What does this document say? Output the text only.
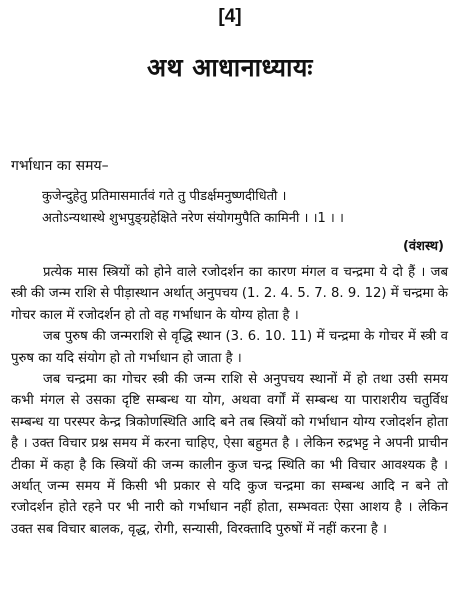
[4]
अथ आधानाध्यायः
गर्भाधान का समय–
कुजेन्दुहेतु प्रतिमासमार्तवं गते तु पीडर्क्षमनुष्णदीधितौ ।
अतोऽन्यथास्थे शुभपुङ्ग्रहेक्षिते नरेण संयोगमुपैति कामिनी । ।1 । ।
(वंशस्थ)

प्रत्येक मास स्त्रियों को होने वाले रजोदर्शन का कारण मंगल व चन्द्रमा ये दो हैं । जब स्त्री की जन्म राशि से पीड़ास्थान अर्थात् अनुपचय (1. 2. 4. 5. 7. 8. 9. 12) में चन्द्रमा के गोचर काल में रजोदर्शन हो तो वह गर्भाधान के योग्य होता है ।

जब पुरुष की जन्मराशि से वृद्धि स्थान (3. 6. 10. 11) में चन्द्रमा के गोचर में स्त्री व पुरुष का यदि संयोग हो तो गर्भाधान हो जाता है ।

जब चन्द्रमा का गोचर स्त्री की जन्म राशि से अनुपचय स्थानों में हो तथा उसी समय कभी मंगल से उसका दृष्टि सम्बन्ध या योग, अथवा वर्गों में सम्बन्ध या पाराशरीय चतुर्विध सम्बन्ध या परस्पर केन्द्र त्रिकोणस्थिति आदि बने तब स्त्रियों को गर्भाधान योग्य रजोदर्शन होता है । उक्त विचार प्रश्न समय में करना चाहिए, ऐसा बहुमत है । लेकिन रुद्रभट्ट ने अपनी प्राचीन टीका में कहा है कि स्त्रियों की जन्म कालीन कुज चन्द्र स्थिति का भी विचार आवश्यक है । अर्थात् जन्म समय में किसी भी प्रकार से यदि कुज चन्द्रमा का सम्बन्ध आदि न बने तो रजोदर्शन होते रहने पर भी नारी को गर्भाधान नहीं होता, सम्भवतः ऐसा आशय है । लेकिन उक्त सब विचार बालक, वृद्ध, रोगी, सन्यासी, विरक्तादि पुरुषों में नहीं करना है ।
